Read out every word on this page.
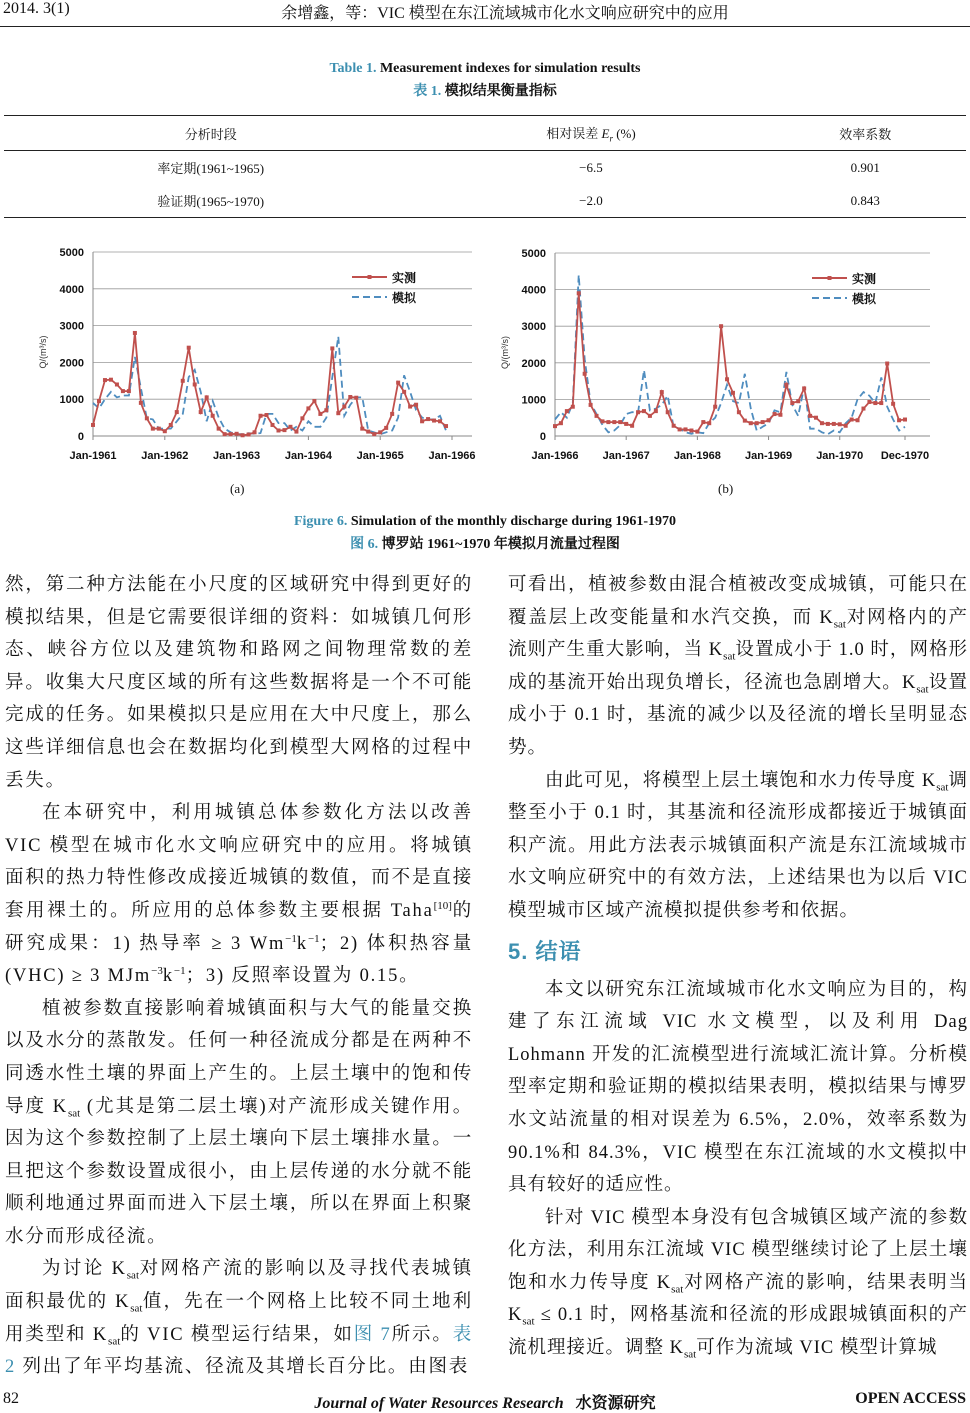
2014. 3(1)	余增鑫，等：VIC 模型在东江流域城市化水文响应研究中的应用
Table 1. Measurement indexes for simulation results
表 1. 模拟结果衡量指标
分析时段	相对误差 $E_r$ (%)	效率系数
率定期(1961~1965)	−6.5	0.901
验证期(1965~1970)	−2.0	0.843
0
1000
2000
3000
4000
5000
Jan-1961 Jan-1962 Jan-1963 Jan-1964 Jan-1965 Jan-1966
Q/(m³/s)
实测
模拟
0
1000
2000
3000
4000
5000
Jan-1966 Jan-1967 Jan-1968 Jan-1969 Jan-1970 Dec-1970
Q/(m³/s)
实测
模拟
(a)	(b)
Figure 6. Simulation of the monthly discharge during 1961-1970
图 6. 博罗站 1961~1970 年模拟月流量过程图

然，第二种方法能在小尺度的区域研究中得到更好的模拟结果，但是它需要很详细的资料：如城镇几何形态、峡谷方位以及建筑物和路网之间物理常数的差异。收集大尺度区域的所有这些数据将是一个不可能完成的任务。如果模拟只是应用在大中尺度上，那么这些详细信息也会在数据均化到模型大网格的过程中丢失。

在本研究中，利用城镇总体参数化方法以改善 VIC 模型在城市化水文响应研究中的应用。将城镇面积的热力特性修改成接近城镇的数值，而不是直接套用裸土的。所应用的总体参数主要根据 Taha[10]的研究成果：1) 热导率 ≥ 3 $Wm^{-1}k^{-1}$；2) 体积热容量(VHC) ≥ 3 $MJm^{-3}k^{-1}$；3) 反照率设置为 0.15。

植被参数直接影响着城镇面积与大气的能量交换以及水分的蒸散发。任何一种径流成分都是在两种不同透水性土壤的界面上产生的。上层土壤中的饱和传导度 $K_{sat}$ (尤其是第二层土壤)对产流形成关键作用。因为这个参数控制了上层土壤向下层土壤排水量。一旦把这个参数设置成很小，由上层传递的水分就不能顺利地通过界面而进入下层土壤，所以在界面上积聚水分而形成径流。

为讨论 $K_{sat}$对网格产流的影响以及寻找代表城镇面积最优的 $K_{sat}$值，先在一个网格上比较不同土地利用类型和 $K_{sat}$的 VIC 模型运行结果，如图 7所示。表 2 列出了年平均基流、径流及其增长百分比。由图表

可看出，植被参数由混合植被改变成城镇，可能只在覆盖层上改变能量和水汽交换，而 $K_{sat}$对网格内的产流则产生重大影响，当 $K_{sat}$设置成小于 1.0 时，网格形成的基流开始出现负增长，径流也急剧增大。$K_{sat}$设置成小于 0.1 时，基流的减少以及径流的增长呈明显态势。

由此可见，将模型上层土壤饱和水力传导度 $K_{sat}$调整至小于 0.1 时，其基流和径流形成都接近于城镇面积产流。用此方法表示城镇面积产流是东江流域城市水文响应研究中的有效方法，上述结果也为以后 VIC 模型城市区域产流模拟提供参考和依据。

5. 结语

本文以研究东江流域城市化水文响应为目的，构建了东江流域 VIC 水文模型，以及利用 Dag Lohmann 开发的汇流模型进行流域汇流计算。分析模型率定期和验证期的模拟结果表明，模拟结果与博罗水文站流量的相对误差为 6.5%，2.0%，效率系数为 90.1%和 84.3%，VIC 模型在东江流域的水文模拟中具有较好的适应性。

针对 VIC 模型本身没有包含城镇区域产流的参数化方法，利用东江流域 VIC 模型继续讨论了上层土壤饱和水力传导度 $K_{sat}$对网格产流的影响，结果表明当 $K_{sat} \le 0.1$ 时，网格基流和径流的形成跟城镇面积的产流机理接近。调整 $K_{sat}$可作为流域 VIC 模型计算城

82	Journal of Water Resources Research 水资源研究	OPEN ACCESS
